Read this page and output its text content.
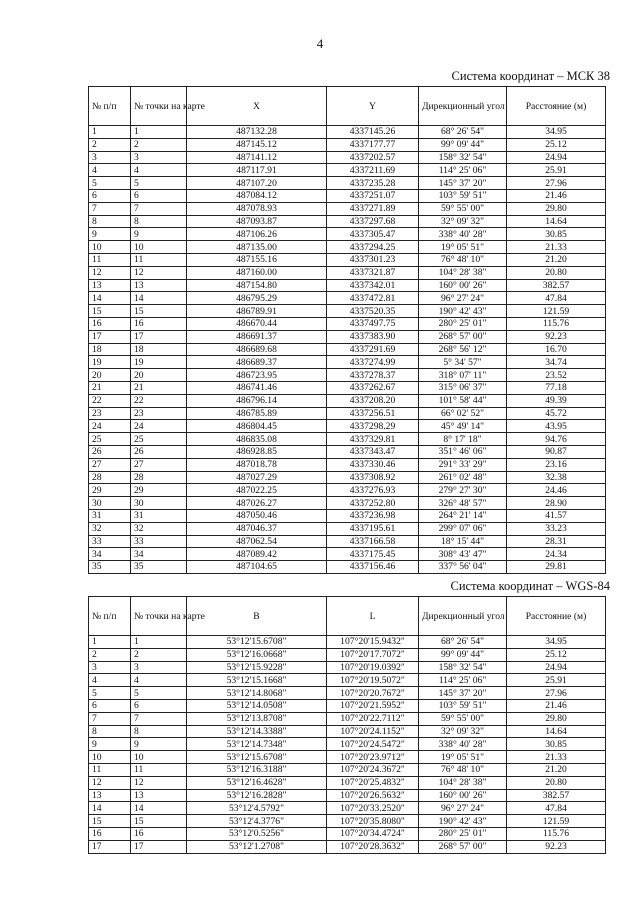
4
Система координат – МСК 38
№ п/п	№ точки на карте	X	Y	Дирекционный угол	Расстояние (м)
1	1	487132.28	4337145.26	68° 26' 54"	34.95
2	2	487145.12	4337177.77	99° 09' 44"	25.12
3	3	487141.12	4337202.57	158° 32' 54"	24.94
4	4	487117.91	4337211.69	114° 25' 06"	25.91
5	5	487107.20	4337235.28	145° 37' 20"	27.96
6	6	487084.12	4337251.07	103° 59' 51"	21.46
7	7	487078.93	4337271.89	59° 55' 00"	29.80
8	8	487093.87	4337297.68	32° 09' 32"	14.64
9	9	487106.26	4337305.47	338° 40' 28"	30.85
10	10	487135.00	4337294.25	19° 05' 51"	21.33
11	11	487155.16	4337301.23	76° 48' 10"	21.20
12	12	487160.00	4337321.87	104° 28' 38"	20.80
13	13	487154.80	4337342.01	160° 00' 26"	382.57
14	14	486795.29	4337472.81	96° 27' 24"	47.84
15	15	486789.91	4337520.35	190° 42' 43"	121.59
16	16	486670.44	4337497.75	280° 25' 01"	115.76
17	17	486691.37	4337383.90	268° 57' 00"	92.23
18	18	486689.68	4337291.69	268° 56' 12"	16.70
19	19	486689.37	4337274.99	5° 34' 57"	34.74
20	20	486723.95	4337278.37	318° 07' 11"	23.52
21	21	486741.46	4337262.67	315° 06' 37"	77.18
22	22	486796.14	4337208.20	101° 58' 44"	49.39
23	23	486785.89	4337256.51	66° 02' 52"	45.72
24	24	486804.45	4337298.29	45° 49' 14"	43.95
25	25	486835.08	4337329.81	8° 17' 18"	94.76
26	26	486928.85	4337343.47	351° 46' 06"	90.87
27	27	487018.78	4337330.46	291° 33' 29"	23.16
28	28	487027.29	4337308.92	261° 02' 48"	32.38
29	29	487022.25	4337276.93	279° 27' 30"	24.46
30	30	487026.27	4337252.80	326° 48' 57"	28.90
31	31	487050.46	4337236.98	264° 21' 14"	41.57
32	32	487046.37	4337195.61	299° 07' 06"	33.23
33	33	487062.54	4337166.58	18° 15' 44"	28.31
34	34	487089.42	4337175.45	308° 43' 47"	24.34
35	35	487104.65	4337156.46	337° 56' 04"	29.81
Система координат – WGS-84
№ п/п	№ точки на карте	B	L	Дирекционный угол	Расстояние (м)
1	1	53°12'15.6708"	107°20'15.9432"	68° 26' 54"	34.95
2	2	53°12'16.0668"	107°20'17.7072"	99° 09' 44"	25.12
3	3	53°12'15.9228"	107°20'19.0392"	158° 32' 54"	24.94
4	4	53°12'15.1668"	107°20'19.5072"	114° 25' 06"	25.91
5	5	53°12'14.8068"	107°20'20.7672"	145° 37' 20"	27.96
6	6	53°12'14.0508"	107°20'21.5952"	103° 59' 51"	21.46
7	7	53°12'13.8708"	107°20'22.7112"	59° 55' 00"	29.80
8	8	53°12'14.3388"	107°20'24.1152"	32° 09' 32"	14.64
9	9	53°12'14.7348"	107°20'24.5472"	338° 40' 28"	30.85
10	10	53°12'15.6708"	107°20'23.9712"	19° 05' 51"	21.33
11	11	53°12'16.3188"	107°20'24.3672"	76° 48' 10"	21.20
12	12	53°12'16.4628"	107°20'25.4832"	104° 28' 38"	20.80
13	13	53°12'16.2828"	107°20'26.5632"	160° 00' 26"	382.57
14	14	53°12'4.5792"	107°20'33.2520"	96° 27' 24"	47.84
15	15	53°12'4.3776"	107°20'35.8080"	190° 42' 43"	121.59
16	16	53°12'0.5256"	107°20'34.4724"	280° 25' 01"	115.76
17	17	53°12'1.2708"	107°20'28.3632"	268° 57' 00"	92.23
